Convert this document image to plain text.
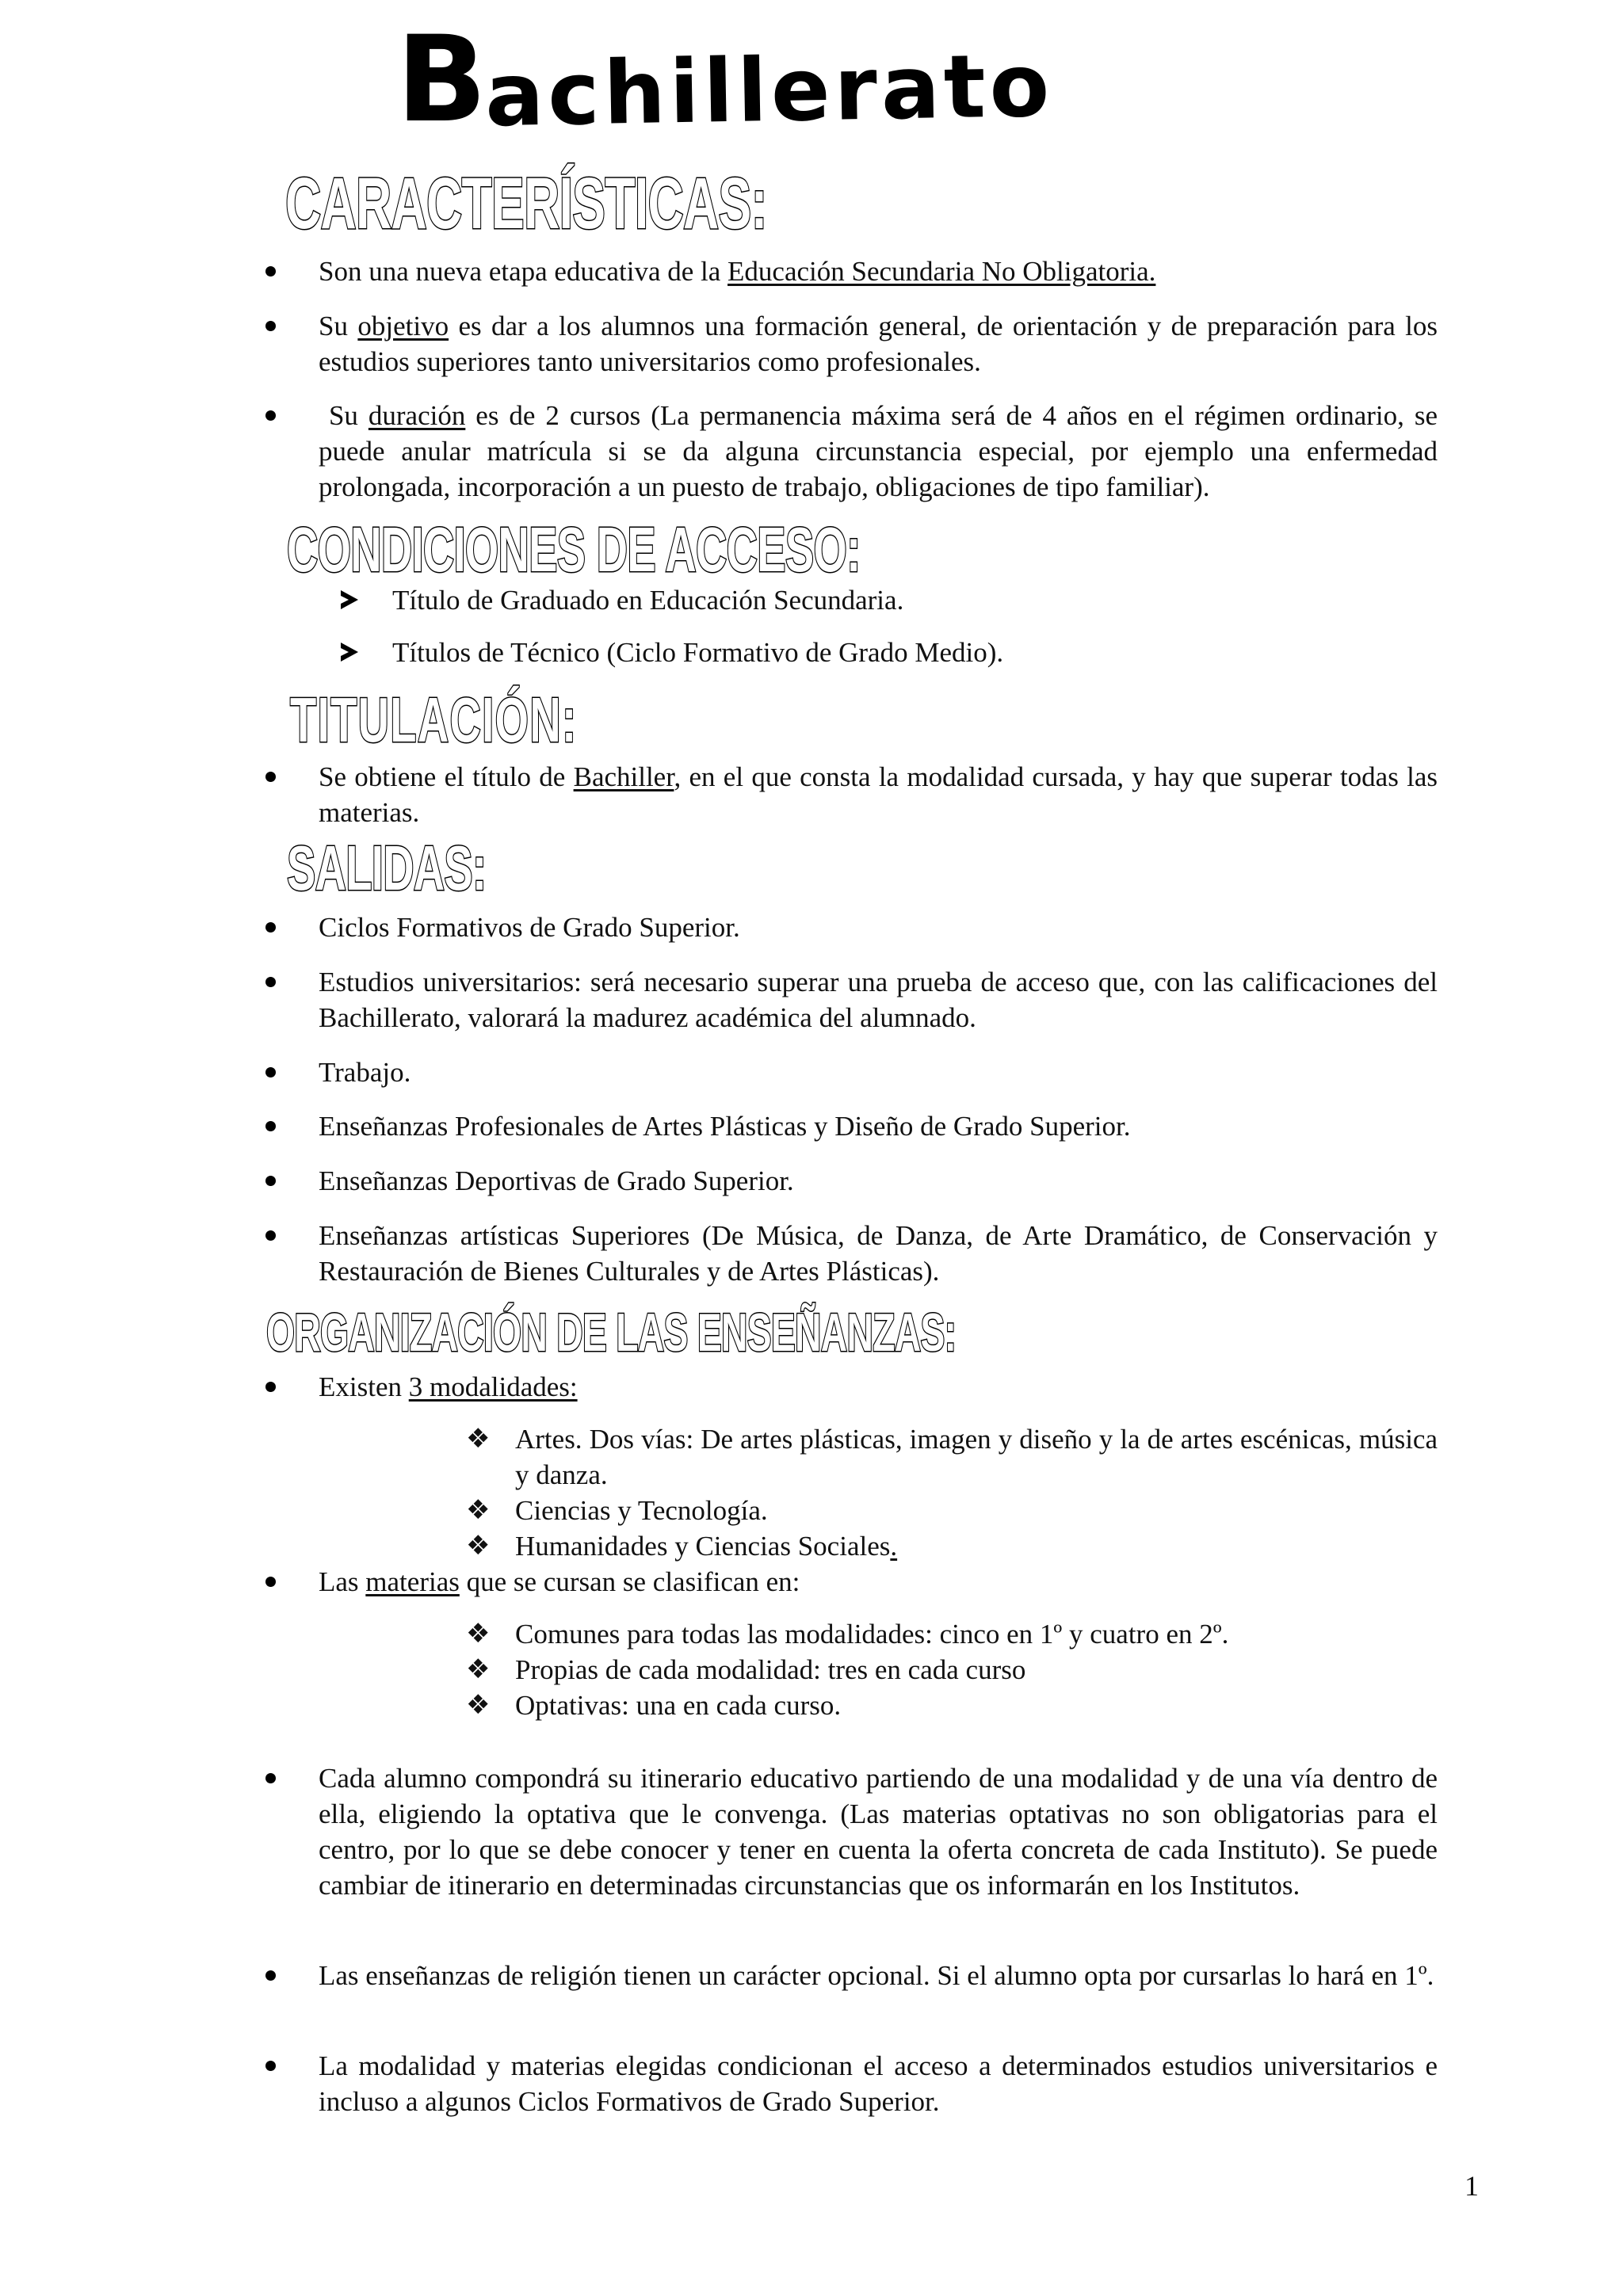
B
achillerato
CARACTERÍSTICAS:
Son una nueva etapa educativa de la Educación Secundaria No Obligatoria.
Su objetivo es dar a los alumnos una formación general, de orientación y de preparación para los estudios superiores tanto universitarios como profesionales.
Su duración es de 2 cursos (La permanencia máxima será de 4 años en el régimen ordinario, se puede anular matrícula si se da alguna circunstancia especial, por ejemplo una enfermedad prolongada, incorporación a un puesto de trabajo, obligaciones de tipo familiar).
CONDICIONES DE ACCESO:
Título de Graduado en Educación Secundaria.
Títulos de Técnico (Ciclo Formativo de Grado Medio).
TITULACIÓN:
Se obtiene el título de Bachiller, en el que consta la modalidad cursada, y hay que superar todas las materias.
SALIDAS:
Ciclos Formativos de Grado Superior.
Estudios universitarios: será necesario superar una prueba de acceso que, con las calificaciones del Bachillerato, valorará la madurez académica del alumnado.
Trabajo.
Enseñanzas Profesionales de Artes Plásticas y Diseño de Grado Superior.
Enseñanzas Deportivas de Grado Superior.
Enseñanzas artísticas Superiores (De Música, de Danza, de Arte Dramático, de Conservación y Restauración de Bienes Culturales y de Artes Plásticas).
ORGANIZACIÓN DE LAS ENSEÑANZAS:
Existen 3 modalidades:
❖ Artes. Dos vías: De artes plásticas, imagen y diseño y la de artes escénicas, música y danza.
❖ Ciencias y Tecnología.
❖ Humanidades y Ciencias Sociales.
Las materias que se cursan se clasifican en:
❖ Comunes para todas las modalidades: cinco en 1º y cuatro en 2º.
❖ Propias de cada modalidad: tres en cada curso
❖ Optativas: una en cada curso.
Cada alumno compondrá su itinerario educativo partiendo de una modalidad y de una vía dentro de ella, eligiendo la optativa que le convenga. (Las materias optativas no son obligatorias para el centro, por lo que se debe conocer y tener en cuenta la oferta concreta de cada Instituto). Se puede cambiar de itinerario en determinadas circunstancias que os informarán en los Institutos.
Las enseñanzas de religión tienen un carácter opcional. Si el alumno opta por cursarlas lo hará en 1º.
La modalidad y materias elegidas condicionan el acceso a determinados estudios universitarios e incluso a algunos Ciclos Formativos de Grado Superior.
1
